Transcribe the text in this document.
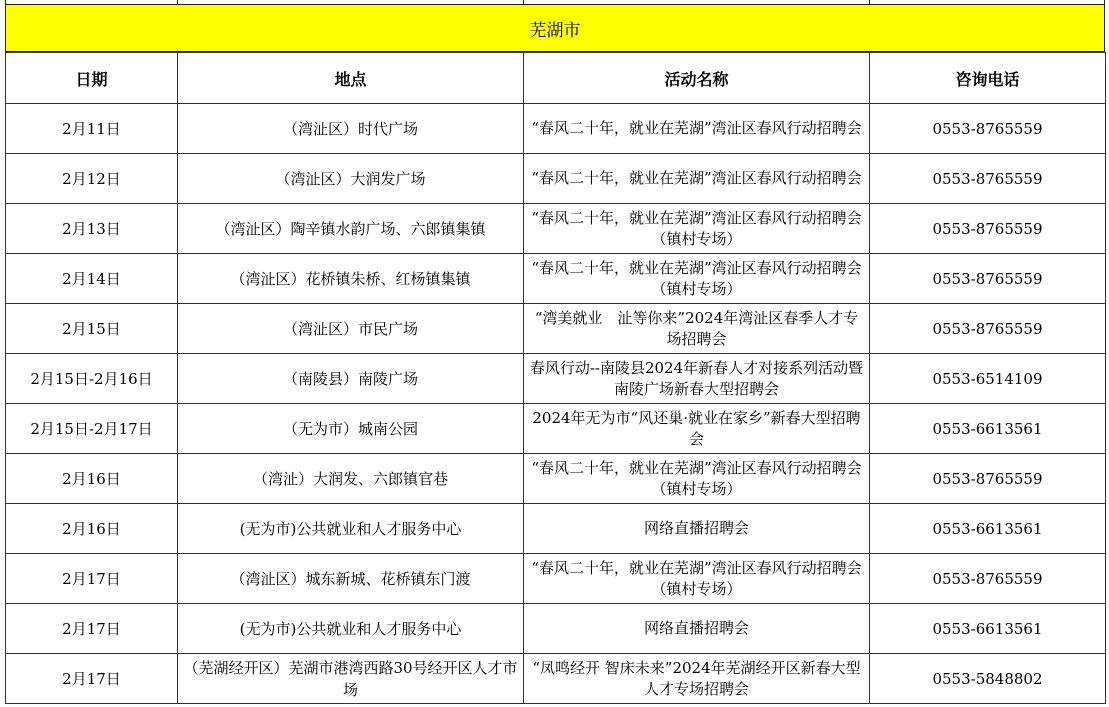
芜湖市
日期	地点	活动名称	咨询电话
2月11日	（湾沚区）时代广场	“春风二十年，就业在芜湖”湾沚区春风行动招聘会	0553-8765559
2月12日	（湾沚区）大润发广场	“春风二十年，就业在芜湖”湾沚区春风行动招聘会	0553-8765559
2月13日	（湾沚区）陶辛镇水韵广场、六郎镇集镇	“春风二十年，就业在芜湖”湾沚区春风行动招聘会（镇村专场）	0553-8765559
2月14日	（湾沚区）花桥镇朱桥、红杨镇集镇	“春风二十年，就业在芜湖”湾沚区春风行动招聘会（镇村专场）	0553-8765559
2月15日	（湾沚区）市民广场	“湾美就业　沚等你来”2024年湾沚区春季人才专场招聘会	0553-8765559
2月15日-2月16日	（南陵县）南陵广场	春风行动--南陵县2024年新春人才对接系列活动暨南陵广场新春大型招聘会	0553-6514109
2月15日-2月17日	（无为市）城南公园	2024年无为市“风还巢·就业在家乡”新春大型招聘会	0553-6613561
2月16日	（湾沚）大润发、六郎镇官巷	“春风二十年，就业在芜湖”湾沚区春风行动招聘会（镇村专场）	0553-8765559
2月16日	(无为市)公共就业和人才服务中心	网络直播招聘会	0553-6613561
2月17日	（湾沚区）城东新城、花桥镇东门渡	“春风二十年，就业在芜湖”湾沚区春风行动招聘会（镇村专场）	0553-8765559
2月17日	(无为市)公共就业和人才服务中心	网络直播招聘会	0553-6613561
2月17日	（芜湖经开区）芜湖市港湾西路30号经开区人才市场	“凤鸣经开 智床未来”2024年芜湖经开区新春大型人才专场招聘会	0553-5848802
